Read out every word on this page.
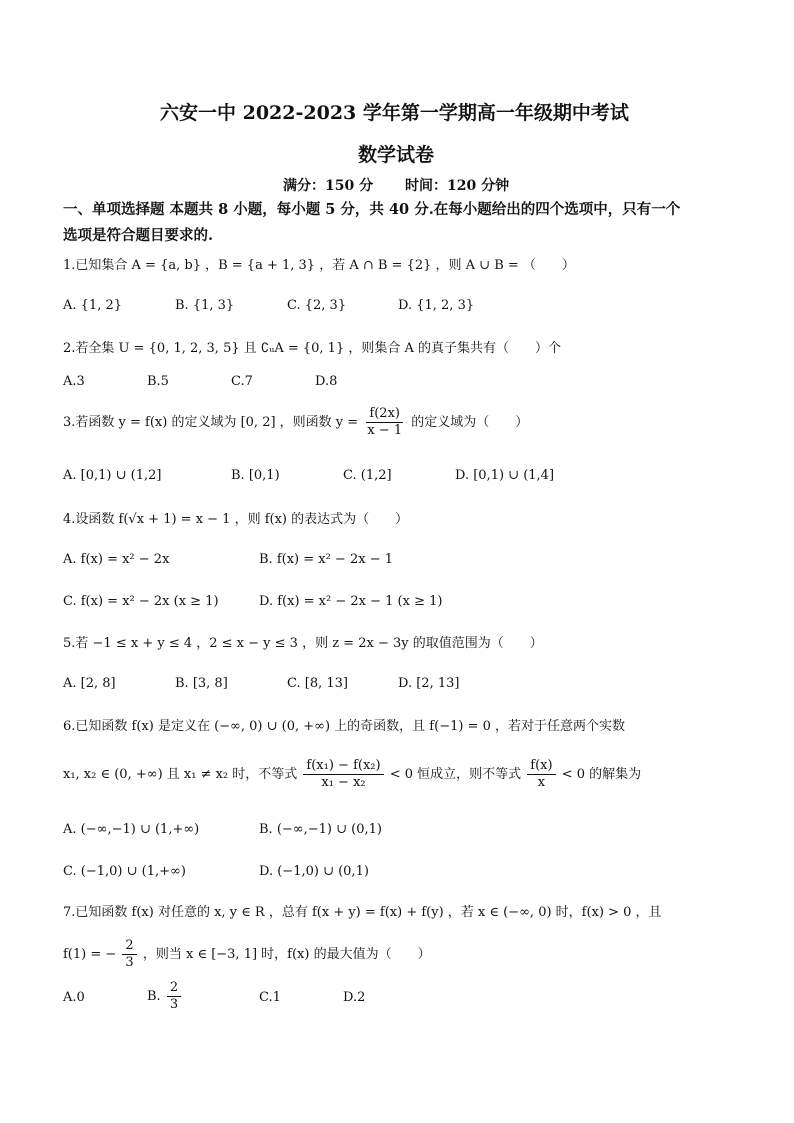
六安一中 2022-2023 学年第一学期高一年级期中考试
数学试卷
满分：150 分 时间：120 分钟
一、单项选择题 本题共 8 小题，每小题 5 分，共 40 分.在每小题给出的四个选项中，只有一个
选项是符合题目要求的.
1.已知集合 A = {a, b} ，B = {a + 1, 3} ，若 A ∩ B = {2} ，则 A ∪ B = （　　）
A. {1, 2}	B. {1, 3}	C. {2, 3}	D. {1, 2, 3}
2.若全集 U = {0, 1, 2, 3, 5} 且 ∁ᵤA = {0, 1} ，则集合 A 的真子集共有（　　）个
A.3	B.5	C.7	D.8
3.若函数 y = f(x) 的定义域为 [0, 2] ，则函数 $y = \frac{f(2x)}{x - 1}$ 的定义域为（　　）
A. [0,1) ∪ (1,2]	B. [0,1)	C. (1,2]	D. [0,1) ∪ (1,4]
4.设函数 f(√x + 1) = x − 1 ，则 f(x) 的表达式为（　　）
A. f(x) = x² − 2x	B. f(x) = x² − 2x − 1
C. f(x) = x² − 2x (x ≥ 1)	D. f(x) = x² − 2x − 1 (x ≥ 1)
5.若 −1 ≤ x + y ≤ 4 ，2 ≤ x − y ≤ 3 ，则 z = 2x − 3y 的取值范围为（　　）
A. [2, 8]	B. [3, 8]	C. [8, 13]	D. [2, 13]
6.已知函数 f(x) 是定义在 (−∞, 0) ∪ (0, +∞) 上的奇函数，且 f(−1) = 0 ，若对于任意两个实数
x₁, x₂ ∈ (0, +∞) 且 x₁ ≠ x₂ 时，不等式 $\frac{\text{f(x₁) − f(x₂)}}{\text{x₁ − x₂}} < 0$ 恒成立，则不等式 $\frac{f(x)}{x} < 0$ 的解集为
A. (−∞,−1) ∪ (1,+∞)	B. (−∞,−1) ∪ (0,1)
C. (−1,0) ∪ (1,+∞)	D. (−1,0) ∪ (0,1)
7.已知函数 f(x) 对任意的 x, y ∈ R ，总有 f(x + y) = f(x) + f(y) ，若 x ∈ (−∞, 0) 时，f(x) > 0 ，且
f(1) = − $\frac{2}{3}$ ，则当 x ∈ [−3, 1] 时，f(x) 的最大值为（　　）
A.0	B. $\frac{2}{3}$	C.1	D.2
